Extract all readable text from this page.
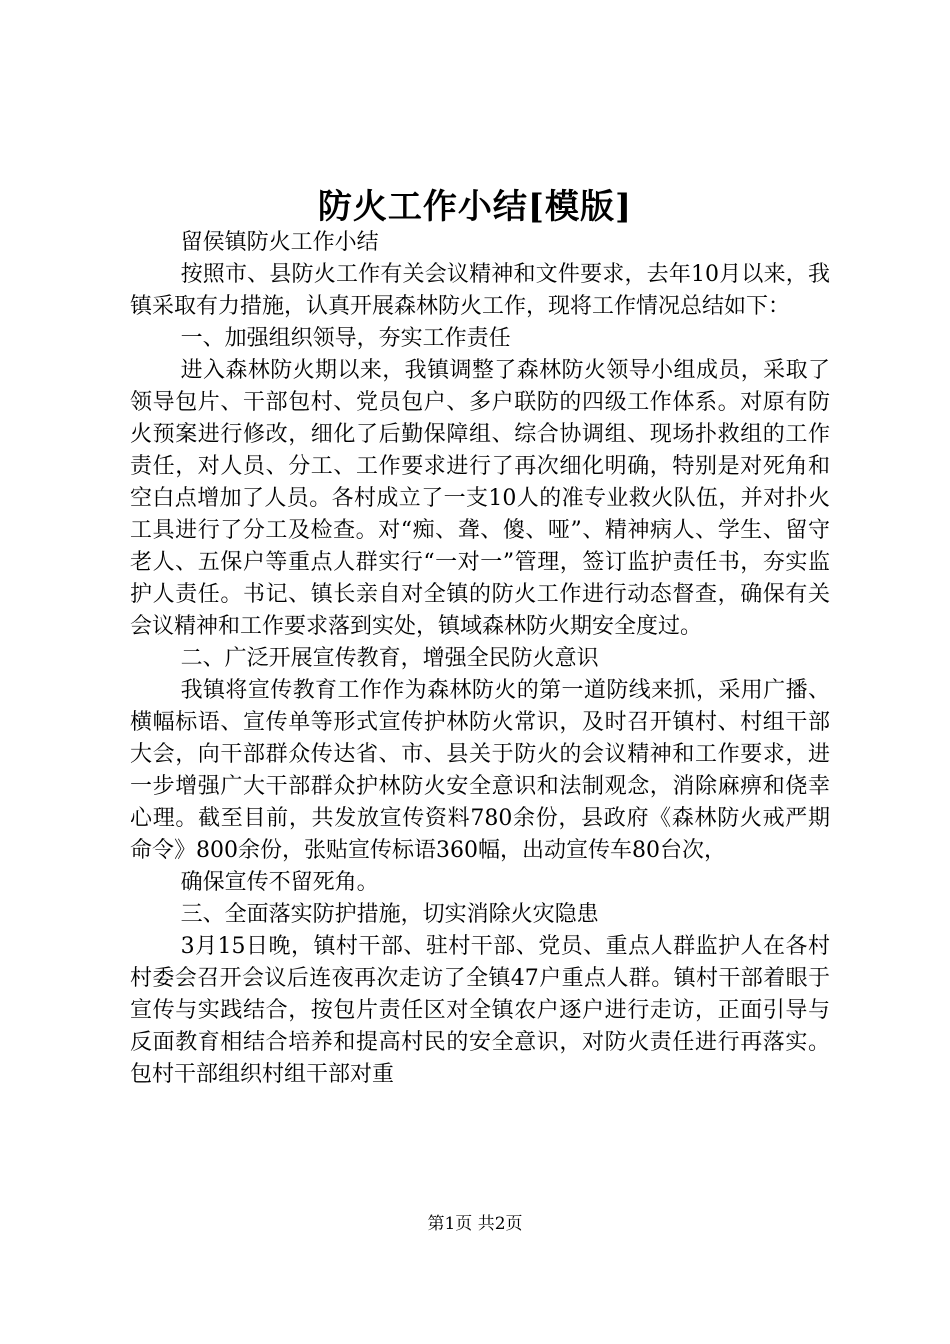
防火工作小结[模版]

留侯镇防火工作小结

按照市、县防火工作有关会议精神和文件要求，去年10月以来，我镇采取有力措施，认真开展森林防火工作，现将工作情况总结如下：

一、加强组织领导，夯实工作责任

进入森林防火期以来，我镇调整了森林防火领导小组成员，采取了领导包片、干部包村、党员包户、多户联防的四级工作体系。对原有防火预案进行修改，细化了后勤保障组、综合协调组、现场扑救组的工作责任，对人员、分工、工作要求进行了再次细化明确，特别是对死角和空白点增加了人员。各村成立了一支10人的准专业救火队伍，并对扑火工具进行了分工及检查。对“痴、聋、傻、哑”、精神病人、学生、留守老人、五保户等重点人群实行“一对一”管理，签订监护责任书，夯实监护人责任。书记、镇长亲自对全镇的防火工作进行动态督查，确保有关会议精神和工作要求落到实处，镇域森林防火期安全度过。

二、广泛开展宣传教育，增强全民防火意识

我镇将宣传教育工作作为森林防火的第一道防线来抓，采用广播、横幅标语、宣传单等形式宣传护林防火常识，及时召开镇村、村组干部大会，向干部群众传达省、市、县关于防火的会议精神和工作要求，进一步增强广大干部群众护林防火安全意识和法制观念，消除麻痹和侥幸心理。截至目前，共发放宣传资料780余份，县政府《森林防火戒严期命令》800余份，张贴宣传标语360幅，出动宣传车80台次，

确保宣传不留死角。

三、全面落实防护措施，切实消除火灾隐患

3月15日晚，镇村干部、驻村干部、党员、重点人群监护人在各村村委会召开会议后连夜再次走访了全镇47户重点人群。镇村干部着眼于宣传与实践结合，按包片责任区对全镇农户逐户进行走访，正面引导与反面教育相结合培养和提高村民的安全意识，对防火责任进行再落实。包村干部组织村组干部对重

第1页 共2页
